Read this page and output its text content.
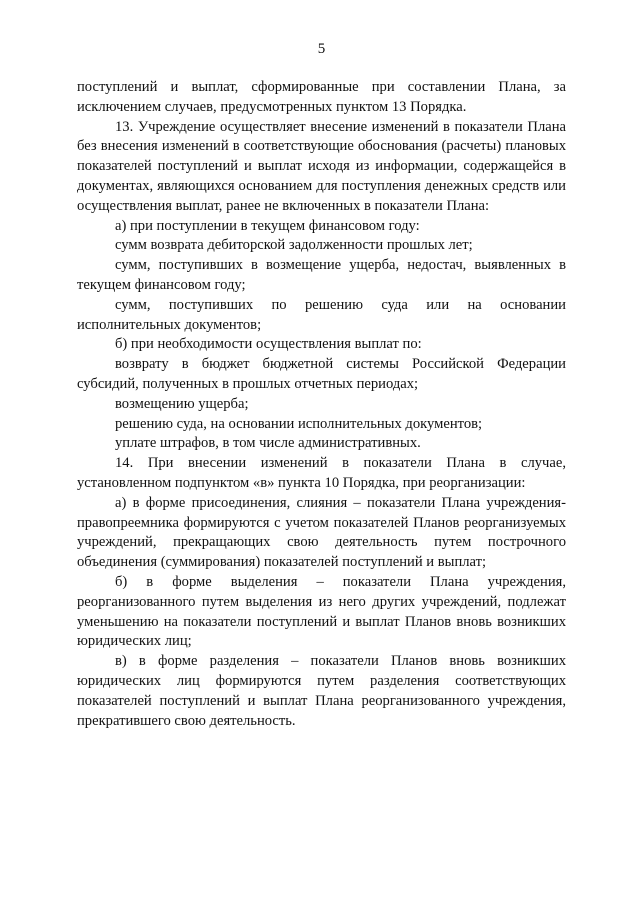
5

поступлений и выплат, сформированные при составлении Плана, за исключением случаев, предусмотренных пунктом 13 Порядка.

13. Учреждение осуществляет внесение изменений в показатели Плана без внесения изменений в соответствующие обоснования (расчеты) плановых показателей поступлений и выплат исходя из информации, содержащейся в документах, являющихся основанием для поступления денежных средств или осуществления выплат, ранее не включенных в показатели Плана:

а) при поступлении в текущем финансовом году:

сумм возврата дебиторской задолженности прошлых лет;

сумм, поступивших в возмещение ущерба, недостач, выявленных в текущем финансовом году;

сумм, поступивших по решению суда или на основании исполнительных документов;

б) при необходимости осуществления выплат по:

возврату в бюджет бюджетной системы Российской Федерации субсидий, полученных в прошлых отчетных периодах;

возмещению ущерба;

решению суда, на основании исполнительных документов;

уплате штрафов, в том числе административных.

14. При внесении изменений в показатели Плана в случае, установленном подпунктом «в» пункта 10 Порядка, при реорганизации:

а) в форме присоединения, слияния – показатели Плана учреждения-правопреемника формируются с учетом показателей Планов реорганизуемых учреждений, прекращающих свою деятельность путем построчного объединения (суммирования) показателей поступлений и выплат;

б) в форме выделения – показатели Плана учреждения, реорганизованного путем выделения из него других учреждений, подлежат уменьшению на показатели поступлений и выплат Планов вновь возникших юридических лиц;

в) в форме разделения – показатели Планов вновь возникших юридических лиц формируются путем разделения соответствующих показателей поступлений и выплат Плана реорганизованного учреждения, прекратившего свою деятельность.
